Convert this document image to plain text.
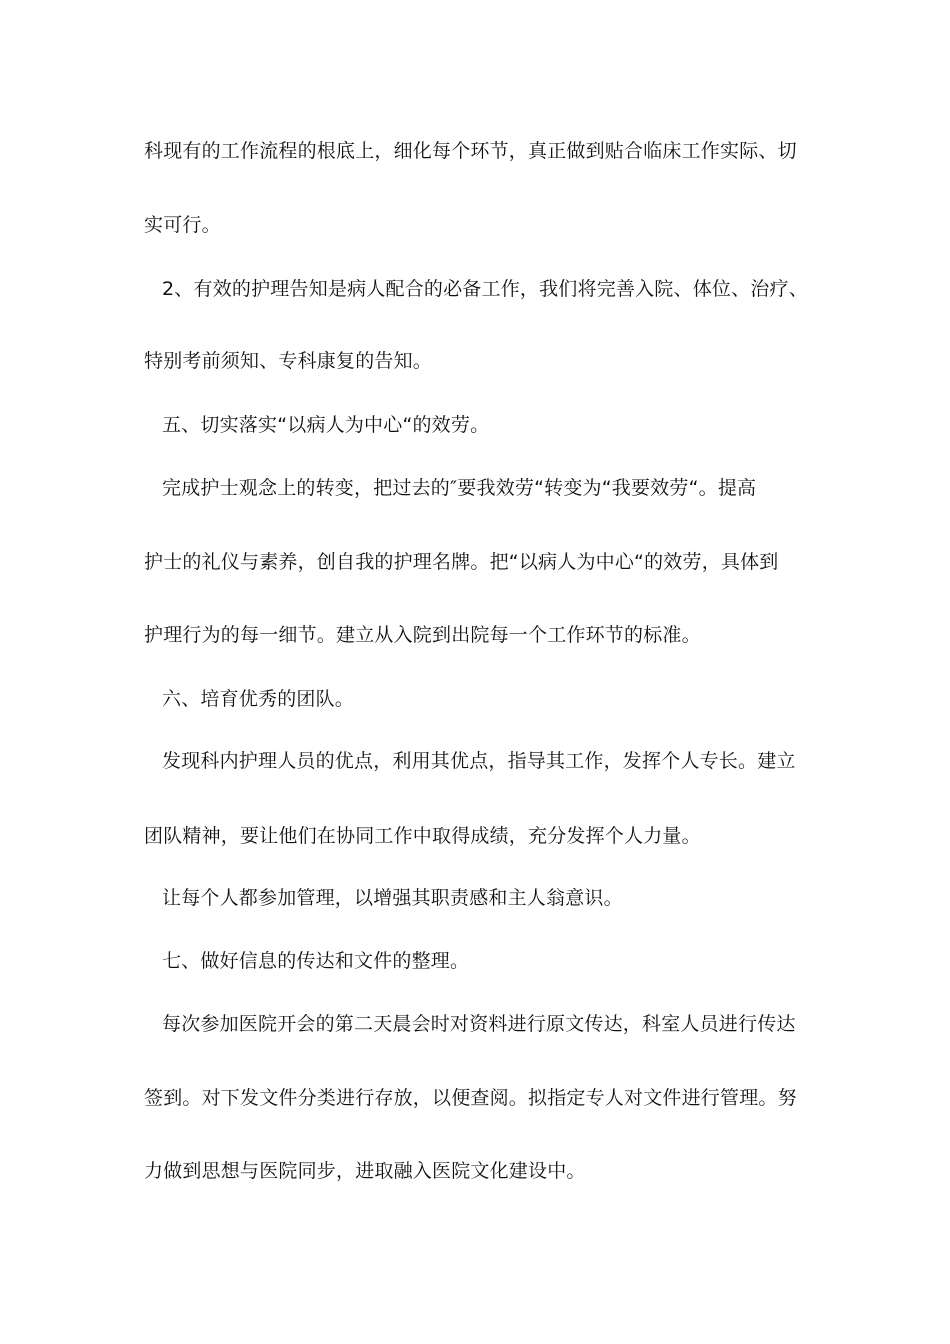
科现有的工作流程的根底上，细化每个环节，真正做到贴合临床工作实际、切
实可行。
2、有效的护理告知是病人配合的必备工作，我们将完善入院、体位、治疗、
特别考前须知、专科康复的告知。
五、切实落实“以病人为中心“的效劳。
完成护士观念上的转变，把过去的″要我效劳“转变为“我要效劳“。提高
护士的礼仪与素养，创自我的护理名牌。把“以病人为中心“的效劳，具体到
护理行为的每一细节。建立从入院到出院每一个工作环节的标准。
六、培育优秀的团队。
发现科内护理人员的优点，利用其优点，指导其工作，发挥个人专长。建立
团队精神，要让他们在协同工作中取得成绩，充分发挥个人力量。
让每个人都参加管理，以增强其职责感和主人翁意识。
七、做好信息的传达和文件的整理。
每次参加医院开会的第二天晨会时对资料进行原文传达，科室人员进行传达
签到。对下发文件分类进行存放，以便查阅。拟指定专人对文件进行管理。努
力做到思想与医院同步，进取融入医院文化建设中。
